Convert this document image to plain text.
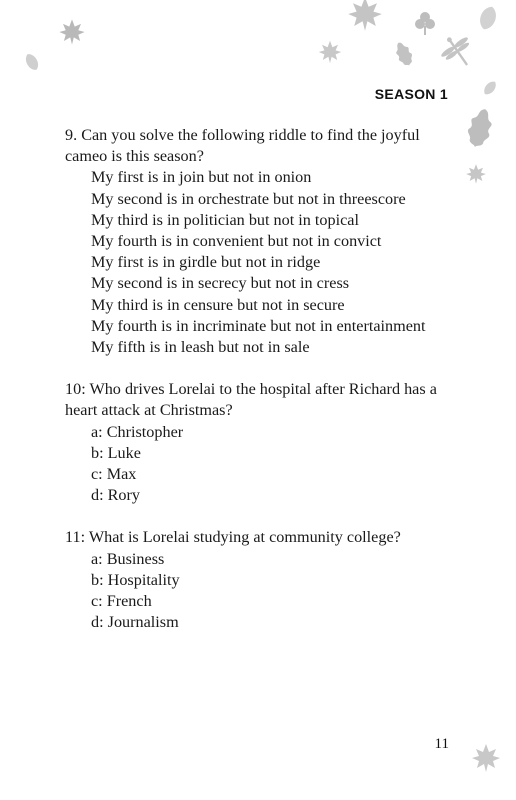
SEASON 1
9. Can you solve the following riddle to find the joyful cameo is this season?
My first is in join but not in onion
My second is in orchestrate but not in threescore
My third is in politician but not in topical
My fourth is in convenient but not in convict
My first is in girdle but not in ridge
My second is in secrecy but not in cress
My third is in censure but not in secure
My fourth is in incriminate but not in entertainment
My fifth is in leash but not in sale
10: Who drives Lorelai to the hospital after Richard has a heart attack at Christmas?
a: Christopher
b: Luke
c: Max
d: Rory
11: What is Lorelai studying at community college?
a: Business
b: Hospitality
c: French
d: Journalism
11
